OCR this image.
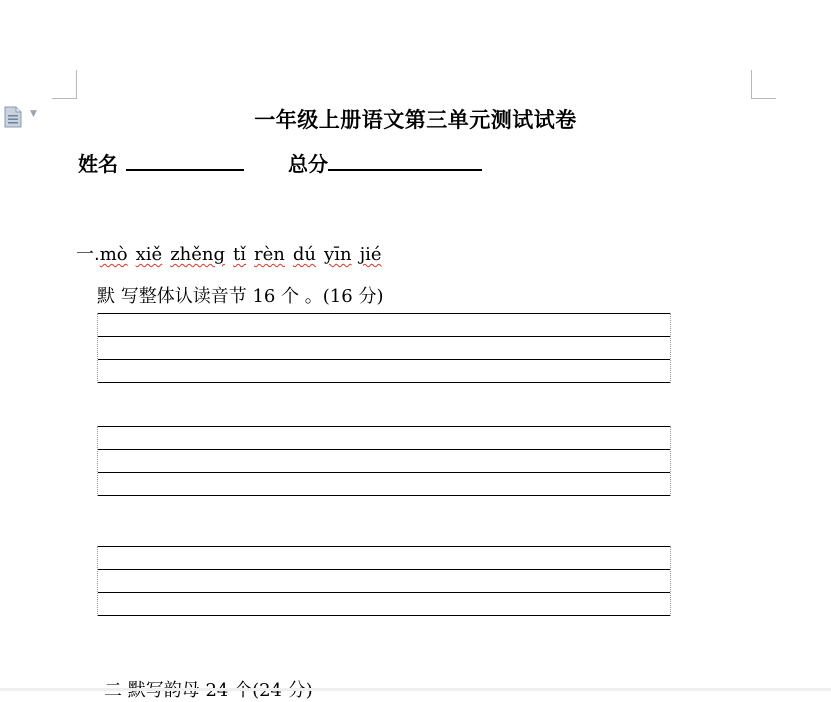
▼	一年级上册语文第三单元测试试卷
姓名	总分
一.mò xiě zhěng tǐ rèn dú yīn jié
默 写整体认读音节 16 个 。(16 分)
